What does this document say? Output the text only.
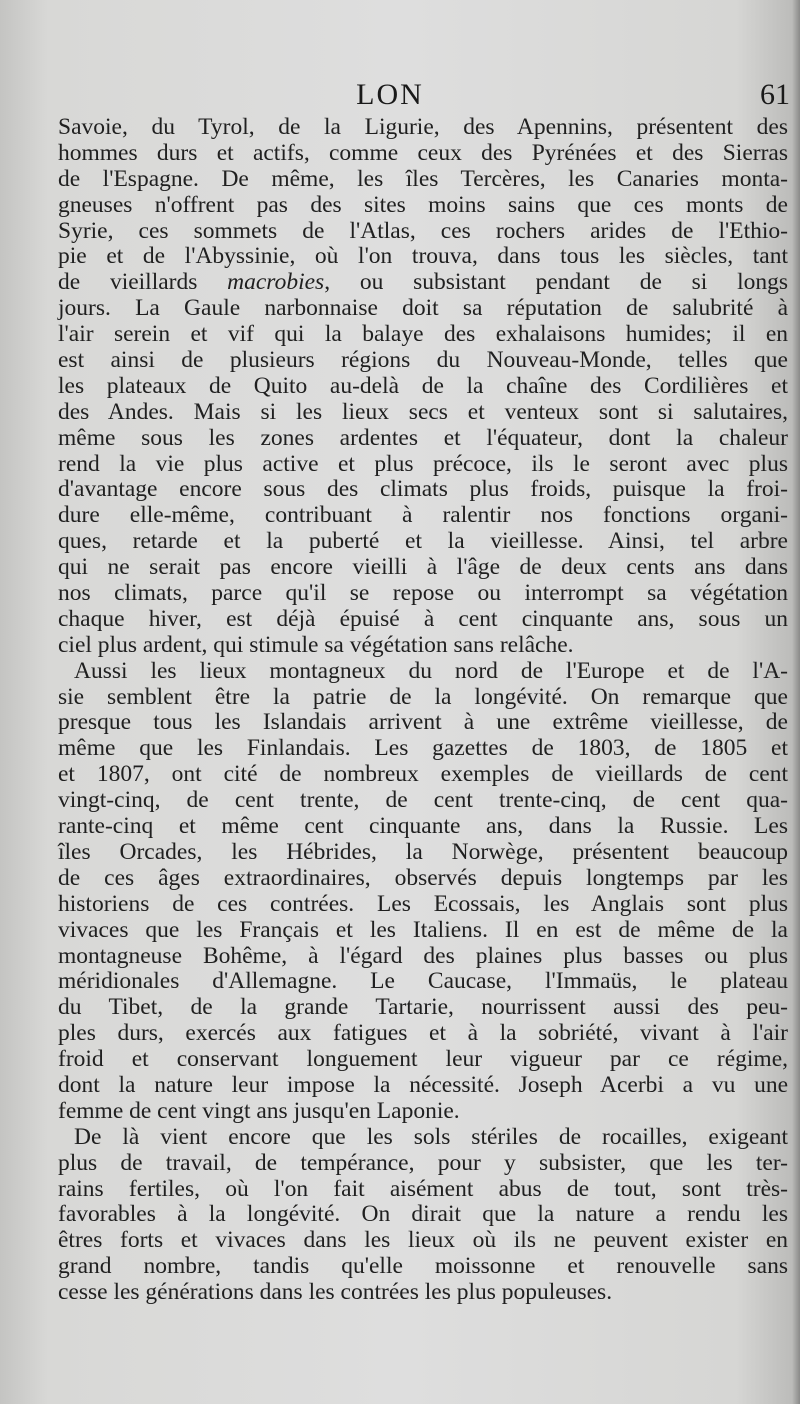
LON	61
Savoie, du Tyrol, de la Ligurie, des Apennins, présentent des
hommes durs et actifs, comme ceux des Pyrénées et des Sierras
de l'Espagne. De même, les îles Tercères, les Canaries monta-
gneuses n'offrent pas des sites moins sains que ces monts de
Syrie, ces sommets de l'Atlas, ces rochers arides de l'Ethio-
pie et de l'Abyssinie, où l'on trouva, dans tous les siècles, tant
de vieillards macrobies, ou subsistant pendant de si longs
jours. La Gaule narbonnaise doit sa réputation de salubrité à
l'air serein et vif qui la balaye des exhalaisons humides; il en
est ainsi de plusieurs régions du Nouveau-Monde, telles que
les plateaux de Quito au-delà de la chaîne des Cordilières et
des Andes. Mais si les lieux secs et venteux sont si salutaires,
même sous les zones ardentes et l'équateur, dont la chaleur
rend la vie plus active et plus précoce, ils le seront avec plus
d'avantage encore sous des climats plus froids, puisque la froi-
dure elle-même, contribuant à ralentir nos fonctions organi-
ques, retarde et la puberté et la vieillesse. Ainsi, tel arbre
qui ne serait pas encore vieilli à l'âge de deux cents ans dans
nos climats, parce qu'il se repose ou interrompt sa végétation
chaque hiver, est déjà épuisé à cent cinquante ans, sous un
ciel plus ardent, qui stimule sa végétation sans relâche.
Aussi les lieux montagneux du nord de l'Europe et de l'A-
sie semblent être la patrie de la longévité. On remarque que
presque tous les Islandais arrivent à une extrême vieillesse, de
même que les Finlandais. Les gazettes de 1803, de 1805 et
et 1807, ont cité de nombreux exemples de vieillards de cent
vingt-cinq, de cent trente, de cent trente-cinq, de cent qua-
rante-cinq et même cent cinquante ans, dans la Russie. Les
îles Orcades, les Hébrides, la Norwège, présentent beaucoup
de ces âges extraordinaires, observés depuis longtemps par les
historiens de ces contrées. Les Ecossais, les Anglais sont plus
vivaces que les Français et les Italiens. Il en est de même de la
montagneuse Bohême, à l'égard des plaines plus basses ou plus
méridionales d'Allemagne. Le Caucase, l'Immaüs, le plateau
du Tibet, de la grande Tartarie, nourrissent aussi des peu-
ples durs, exercés aux fatigues et à la sobriété, vivant à l'air
froid et conservant longuement leur vigueur par ce régime,
dont la nature leur impose la nécessité. Joseph Acerbi a vu une
femme de cent vingt ans jusqu'en Laponie.
De là vient encore que les sols stériles de rocailles, exigeant
plus de travail, de tempérance, pour y subsister, que les ter-
rains fertiles, où l'on fait aisément abus de tout, sont très-
favorables à la longévité. On dirait que la nature a rendu les
êtres forts et vivaces dans les lieux où ils ne peuvent exister en
grand nombre, tandis qu'elle moissonne et renouvelle sans
cesse les générations dans les contrées les plus populeuses.
